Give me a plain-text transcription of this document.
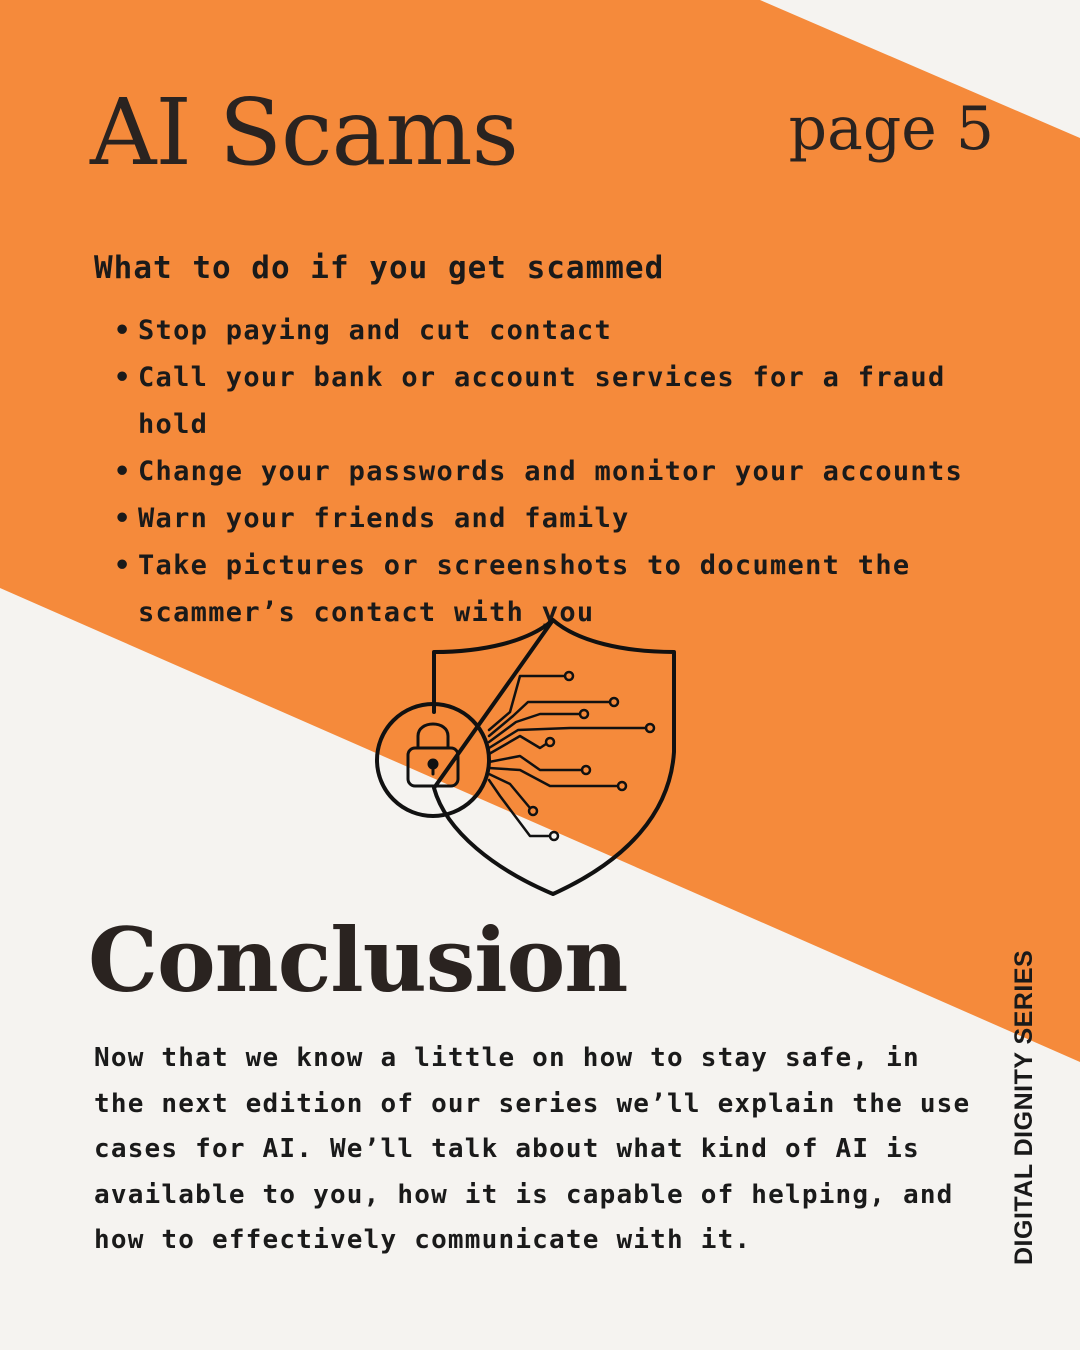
AI Scams	page 5

What to do if you get scammed

• Stop paying and cut contact
• Call your bank or account services for a fraud hold
• Change your passwords and monitor your accounts
• Warn your friends and family
• Take pictures or screenshots to document the scammer’s contact with you
Conclusion

Now that we know a little on how to stay safe, in the next edition of our series we’ll explain the use cases for AI. We’ll talk about what kind of AI is available to you, how it is capable of helping, and how to effectively communicate with it.	DIGITAL DIGNITY SERIES
